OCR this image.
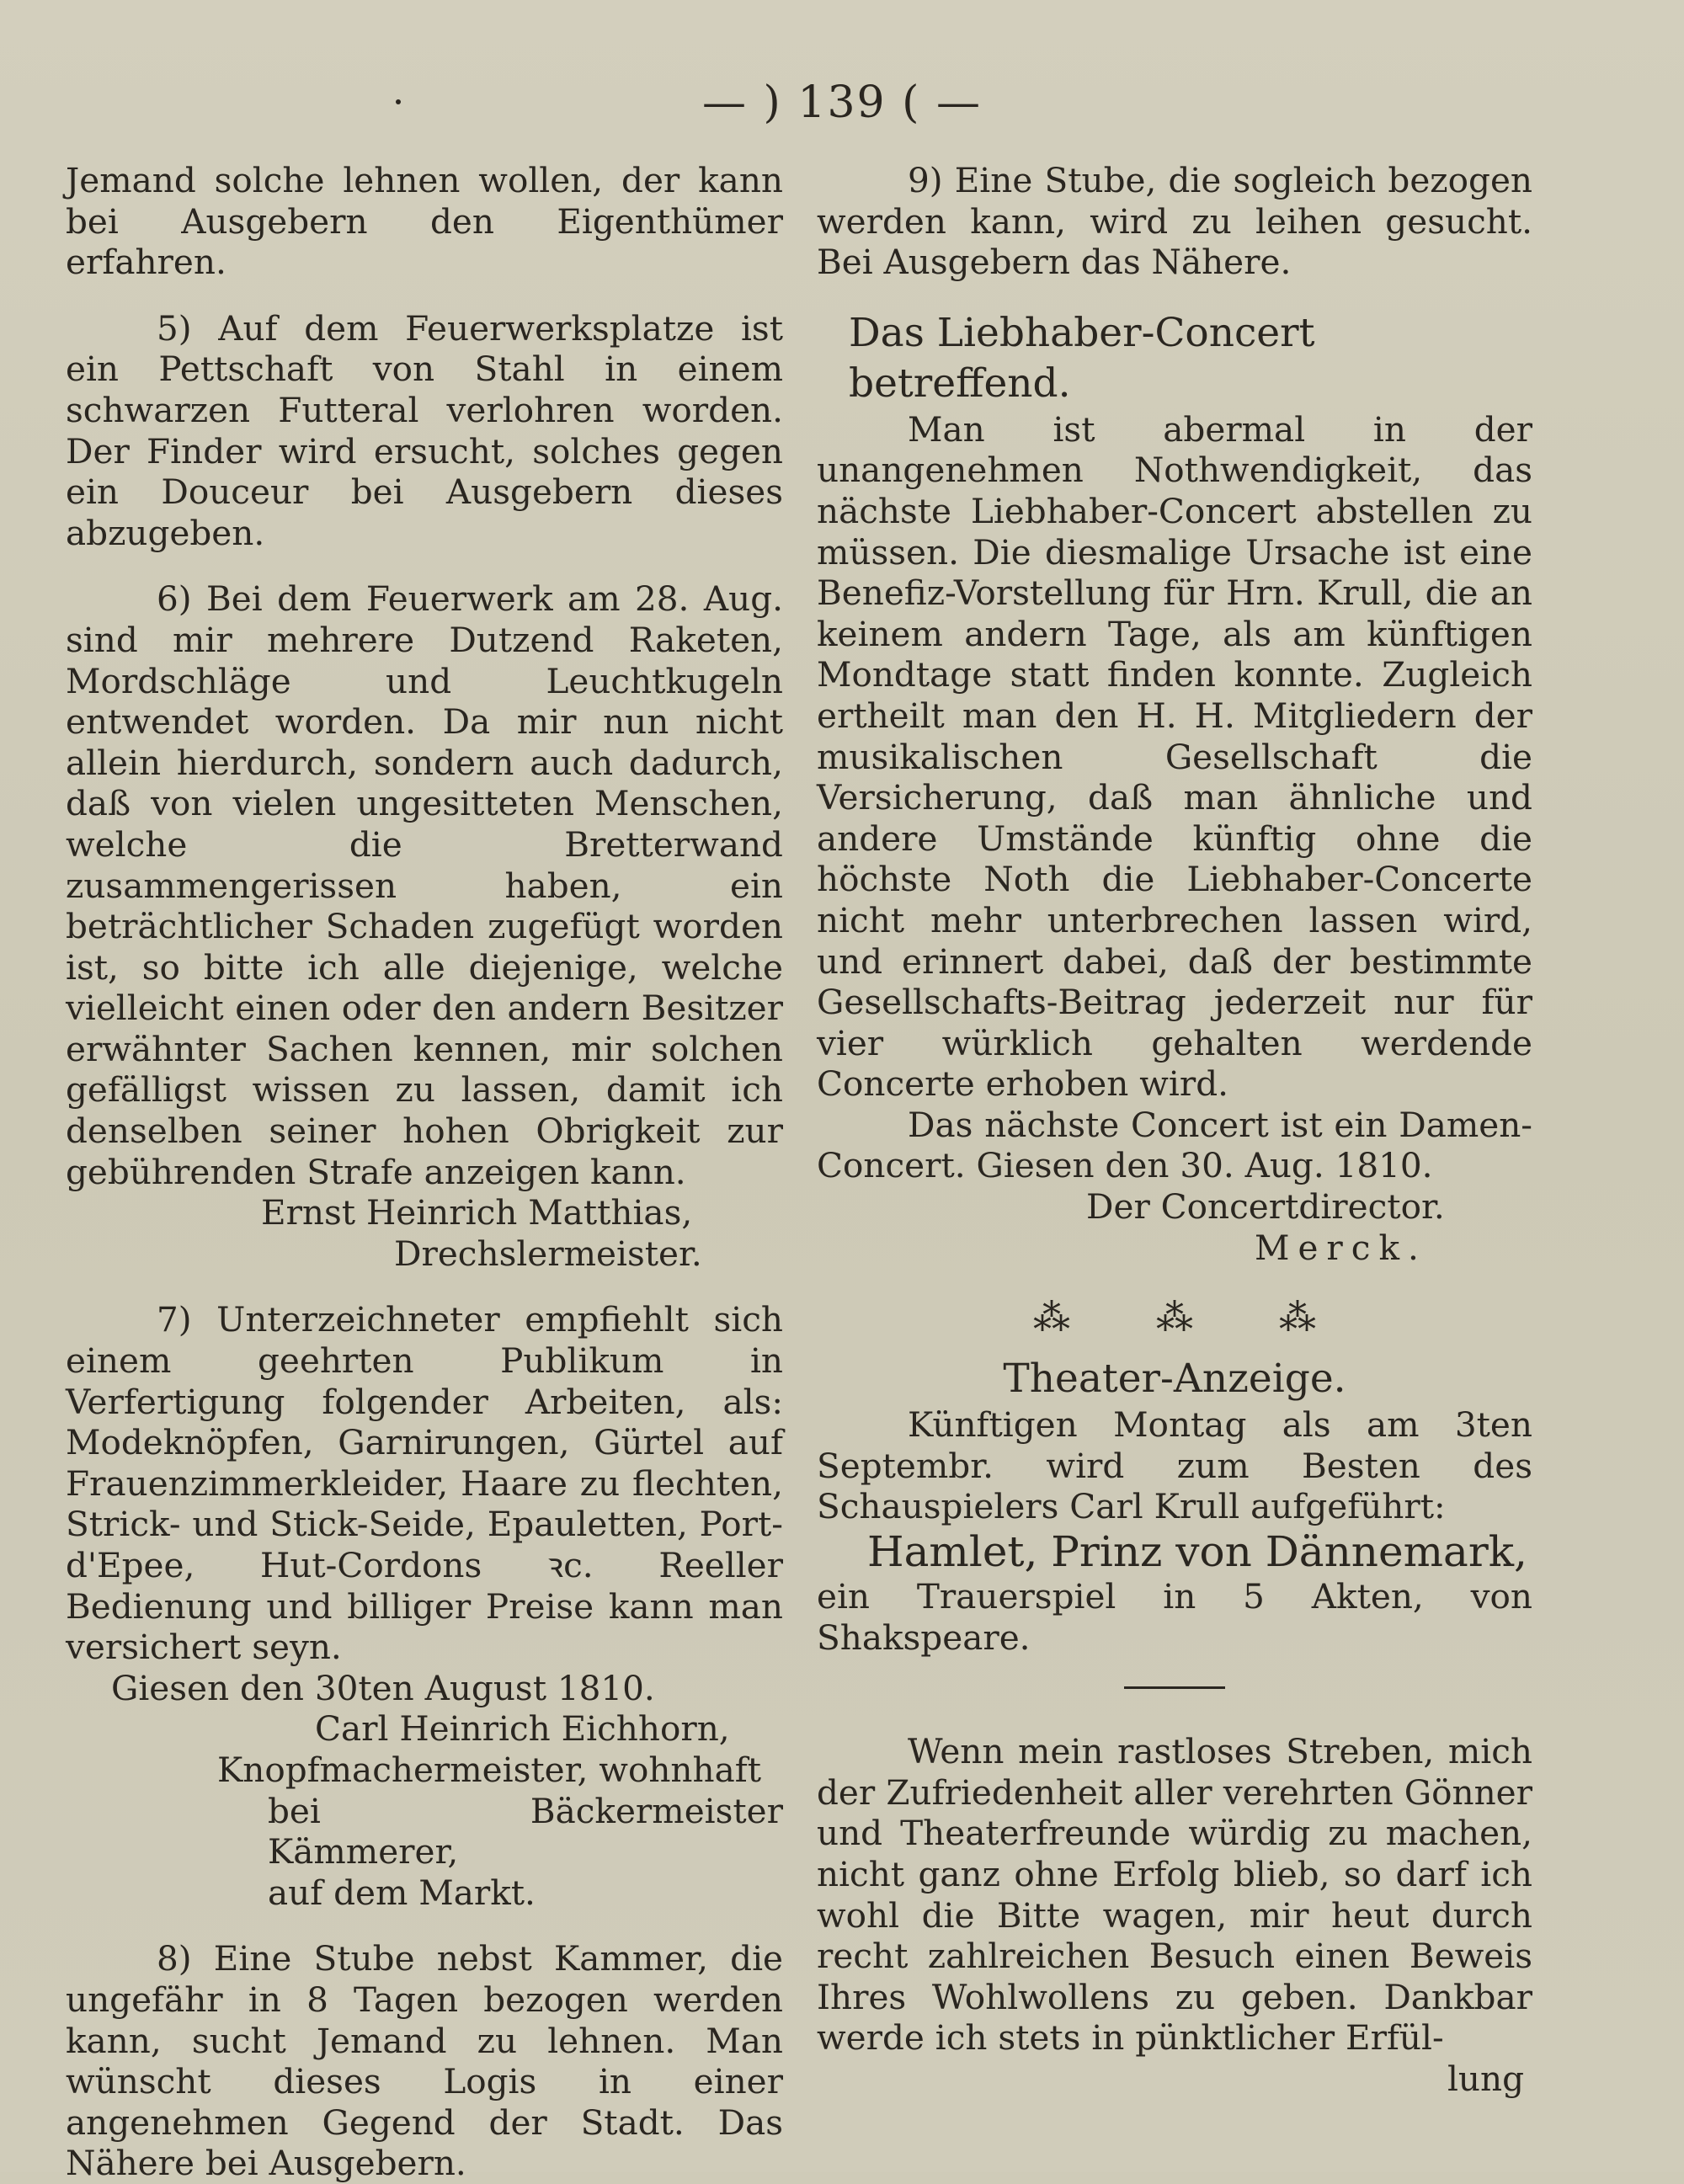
— ) 139 ( —

Jemand solche lehnen wollen, der kann bei Ausgebern den Eigenthümer erfahren.

5) Auf dem Feuerwerksplatze ist ein Pettschaft von Stahl in einem schwarzen Futteral verlohren worden. Der Finder wird ersucht, solches gegen ein Douceur bei Ausgebern dieses abzugeben.

6) Bei dem Feuerwerk am 28. Aug. sind mir mehrere Dutzend Raketen, Mordschläge und Leuchtkugeln entwendet worden. Da mir nun nicht allein hierdurch, sondern auch dadurch, daß von vielen ungesitteten Menschen, welche die Bretterwand zusammengerissen haben, ein beträchtlicher Schaden zugefügt worden ist, so bitte ich alle diejenige, welche vielleicht einen oder den andern Besitzer erwähnter Sachen kennen, mir solchen gefälligst wissen zu lassen, damit ich denselben seiner hohen Obrigkeit zur gebührenden Strafe anzeigen kann.

Ernst Heinrich Matthias,

Drechslermeister.

7) Unterzeichneter empfiehlt sich einem geehrten Publikum in Verfertigung folgender Arbeiten, als: Modeknöpfen, Garnirungen, Gürtel auf Frauenzimmerkleider, Haare zu flechten, Strick- und Stick-Seide, Epauletten, Port-d'Epee, Hut-Cordons ꝛc. Reeller Bedienung und billiger Preise kann man versichert seyn.

Giesen den 30ten August 1810.

Carl Heinrich Eichhorn,

Knopfmachermeister, wohnhaft

bei Bäckermeister Kämmerer,

auf dem Markt.

8) Eine Stube nebst Kammer, die ungefähr in 8 Tagen bezogen werden kann, sucht Jemand zu lehnen. Man wünscht dieses Logis in einer angenehmen Gegend der Stadt. Das Nähere bei Ausgebern.

9) Eine Stube, die sogleich bezogen werden kann, wird zu leihen gesucht. Bei Ausgebern das Nähere.

Das Liebhaber-Concert betreffend.

Man ist abermal in der unangenehmen Nothwendigkeit, das nächste Liebhaber-Concert abstellen zu müssen. Die diesmalige Ursache ist eine Benefiz-Vorstellung für Hrn. Krull, die an keinem andern Tage, als am künftigen Mondtage statt finden konnte. Zugleich ertheilt man den H. H. Mitgliedern der musikalischen Gesellschaft die Versicherung, daß man ähnliche und andere Umstände künftig ohne die höchste Noth die Liebhaber-Concerte nicht mehr unterbrechen lassen wird, und erinnert dabei, daß der bestimmte Gesellschafts-Beitrag jederzeit nur für vier würklich gehalten werdende Concerte erhoben wird.

Das nächste Concert ist ein Damen-Concert. Giesen den 30. Aug. 1810.

Der Concertdirector.

Merck.

⁂ ⁂ ⁂

Theater-Anzeige.

Künftigen Montag als am 3ten Septembr. wird zum Besten des Schauspielers Carl Krull aufgeführt:

Hamlet, Prinz von Dännemark,

ein Trauerspiel in 5 Akten, von Shakspeare.

Wenn mein rastloses Streben, mich der Zufriedenheit aller verehrten Gönner und Theaterfreunde würdig zu machen, nicht ganz ohne Erfolg blieb, so darf ich wohl die Bitte wagen, mir heut durch recht zahlreichen Besuch einen Beweis Ihres Wohlwollens zu geben. Dankbar werde ich stets in pünktlicher Erfül-

lung
